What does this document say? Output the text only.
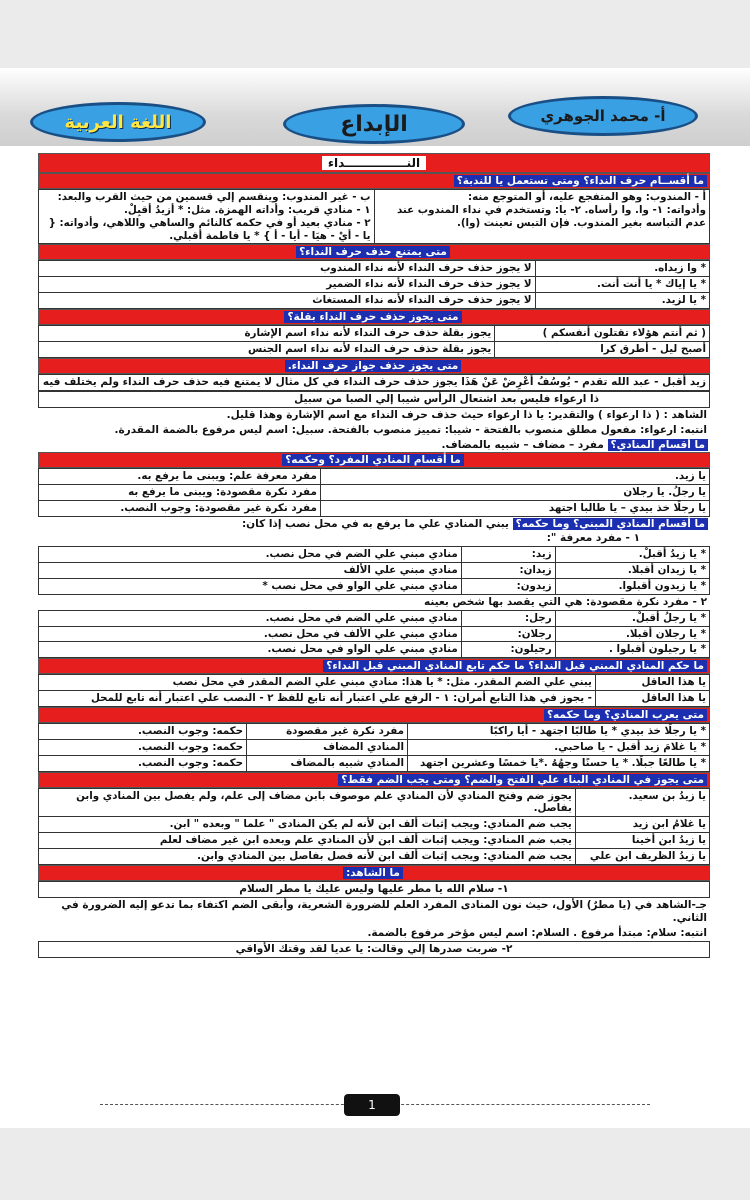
اللغة العربية	الإبداع	أ- محمد الجوهري
النـــــــــــــــداء
ما أقســام حرف النداء؟ ومتى تستعمل يا للندبة؟
أ - المندوب: وهو المتفجع عليه، أو المتوجع منه:
وأدواته: ١- وا. وا رأساه. ٢- يا: وتستخدم في نداء المندوب عند
عدم التباسه بغير المندوب. فإن التبس تعينت (وا).

ب - غير المندوب: وينقسم إلي قسمين من حيث القرب والبعد:
١ - منادي قريب: وأداته الهمزة. مثل: * أزيدُ أقبِلْ.
٢ - منادي بعيد أو في حكمه كالنائم والساهي واللاهي، وأدواته: {
يا - أيْ - هيَا - أيا - أ } * يا فاطمة أقبلي.
متى يمتنع حذف حرف النداء؟
* وا زيداه.	لا يجوز حذف حرف النداء لأنه نداء المندوب
* يا إياك * يا أنت أنت.	لا يجوز حذف حرف النداء لأنه نداء الضمير
* يا لزيد.	لا يجوز حذف حرف النداء لأنه نداء المستغاث
متى يجوز حذف حرف النداء بقلة؟
( ثم أنتم هؤلاء تقتلون أنفسكم )	يجوز بقلة حذف حرف النداء لأنه نداء اسم الإشارة
أصبح ليل - أطرق كرا	يجوز بقلة حذف حرف النداء لأنه نداء اسم الجنس
متى يجوز حذف جواز حرف النداء.
زيد أقبل - عبد الله تقدم - يُوسُفُ أَعْرِضْ عَنْ هَذَا يجوز حذف حرف النداء في كل مثال لا يمتنع فيه حذف حرف النداء ولم يختلف فيه
ذا ارعواء فليس بعد اشتعال الرأس شيبا إلي الصبا من سبيل
الشاهد : ( ذا ارعواء ) والتقدير: يا ذا ارعواء حيث حذف حرف النداء مع اسم الإشارة وهذا قليل.
انتبه: ارعواء: مفعول مطلق منصوب بالفتحة - شيبا: تمييز منصوب بالفتحة. سبيل: اسم ليس مرفوع بالضمة المقدرة.
ما أقسام المنادي؟ مفرد – مضاف – شبيه بالمضاف.
ما أقسام المنادي المفرد؟ وحكمه؟
يا زيد.	مفرد معرفة علم: ويبنى ما يرفع به.
يا رجلُ. يا رجلان	مفرد نكرة مقصودة: ويبنى ما يرفع به
يا رجلًا خذ بيدي – يا طالبا اجتهد	مفرد نكرة غير مقصودة: وجوب النصب.
ما أقسام المنادي المبني؟ وما حكمه؟ يبني المنادي علي ما يرفع به في محل نصب إذا كان:
١ - مفرد معرفة ":
* يا زيدُ أقبلْ.	زيد:	منادي مبني علي الضم في محل نصب.
* يا زيدان أقبلا.	زيدان:	منادي مبني علي الألف
* يا زيدون أقبلوا.	زيدون:	منادي مبني علي الواو في محل نصب *
٢ - مفرد نكرة مقصودة: هي التي يقصد بها شخص بعينه
* يا رجلُ أقبلْ.	رجل:	منادي مبني علي الضم في محل نصب.
* يا رجلان أقبلا.	رجلان:	منادي مبني علي الألف في محل نصب.
* يا رجيلون أقبلوا .	رجيلون:	منادي مبني علي الواو في محل نصب.
ما حكم المنادي المبني قبل النداء؟ ما حكم تابع المنادي المبني قبل النداء؟
يا هذا العاقل	يبني علي الضم المقدر. مثل: * يا هذا: منادي مبني علي الضم المقدر في محل نصب
يا هذا العاقل	- يجوز في هذا التابع أمران: ١ - الرفع علي اعتبار أنه تابع للفظ ٢ - النصب علي اعتبار أنه تابع للمحل
متى يعرب المنادي؟ وما حكمه؟
* يا رجلًا خذ بيدي * يا طالبًا اجتهد - أيا راكبًا	مفرد نكرة غير مقصودة	حكمه: وجوب النصب.
* يا غلامَ زيد أقبل - يا صاحبي.	المنادي المضاف	حكمه: وجوب النصب.
* يا طالعًا جبلًا. * يا حسنًا وجهُهُ .*يا خمسًا وعشرين اجتهد	المنادي شبيه بالمضاف	حكمه: وجوب النصب.
متى يجوز في المنادي البناء علي الفتح والضم؟ ومتى يجب الضم فقط؟
يا زيدُ بن سعيد.	يجوز ضم وفتح المنادي لأن المنادي علم موصوف بابن مضاف إلى علم، ولم يفصل بين المنادي وابن بفاصل.
يا غلامُ ابن زيد	يجب ضم المنادي: ويجب إثبات ألف ابن لأنه لم يكن المنادى " علما " وبعده " ابن.
يا زيدُ ابن أخينا	يجب ضم المنادي: ويجب إثبات ألف ابن لأن المنادي علم وبعده ابن غير مضاف لعلم
يا زيدُ الظريف ابن علي	يجب ضم المنادي: ويجب إثبات ألف ابن لأنه فصل بفاصل بين المنادي وابن.
ما الشاهد:
١- سلام الله يا مطر عليها وليس عليك يا مطر السلام
جـ-الشاهد في (يا مطرٌ) الأول، حيث نون المنادى المفرد العلم للضرورة الشعرية، وأبقى الضم اكتفاء بما تدعو إليه الضرورة في الثاني.
انتبه: سلام: مبتدأ مرفوع . السلام: اسم ليس مؤخر مرفوع بالضمة.
٢- ضربت صدرها إلي وقالت: يا عديا لقد وقتك الأواقي
1
